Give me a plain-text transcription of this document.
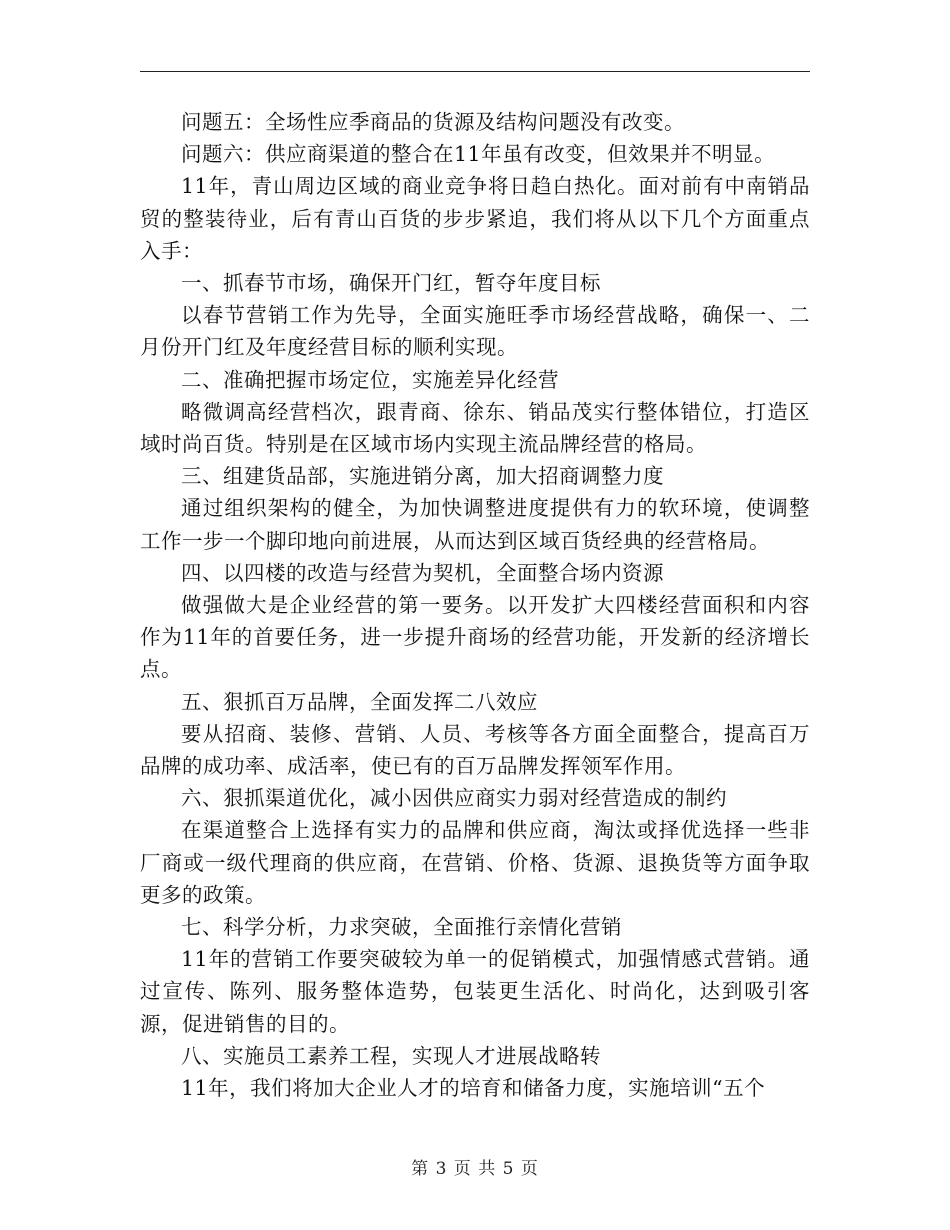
问题五：全场性应季商品的货源及结构问题没有改变。

问题六：供应商渠道的整合在11年虽有改变，但效果并不明显。

11年，青山周边区域的商业竞争将日趋白热化。面对前有中南销品贸的整装待业，后有青山百货的步步紧追，我们将从以下几个方面重点入手：

一、抓春节市场，确保开门红，暂夺年度目标

以春节营销工作为先导，全面实施旺季市场经营战略，确保一、二月份开门红及年度经营目标的顺利实现。

二、准确把握市场定位，实施差异化经营

略微调高经营档次，跟青商、徐东、销品茂实行整体错位，打造区域时尚百货。特别是在区域市场内实现主流品牌经营的格局。

三、组建货品部，实施进销分离，加大招商调整力度

通过组织架构的健全，为加快调整进度提供有力的软环境，使调整工作一步一个脚印地向前进展，从而达到区域百货经典的经营格局。

四、以四楼的改造与经营为契机，全面整合场内资源

做强做大是企业经营的第一要务。以开发扩大四楼经营面积和内容作为11年的首要任务，进一步提升商场的经营功能，开发新的经济增长点。

五、狠抓百万品牌，全面发挥二八效应

要从招商、装修、营销、人员、考核等各方面全面整合，提高百万品牌的成功率、成活率，使已有的百万品牌发挥领军作用。

六、狠抓渠道优化，减小因供应商实力弱对经营造成的制约

在渠道整合上选择有实力的品牌和供应商，淘汰或择优选择一些非厂商或一级代理商的供应商，在营销、价格、货源、退换货等方面争取更多的政策。

七、科学分析，力求突破，全面推行亲情化营销

11年的营销工作要突破较为单一的促销模式，加强情感式营销。通过宣传、陈列、服务整体造势，包装更生活化、时尚化，达到吸引客源，促进销售的目的。

八、实施员工素养工程，实现人才进展战略转

11年，我们将加大企业人才的培育和储备力度，实施培训“五个

第 3 页 共 5 页
